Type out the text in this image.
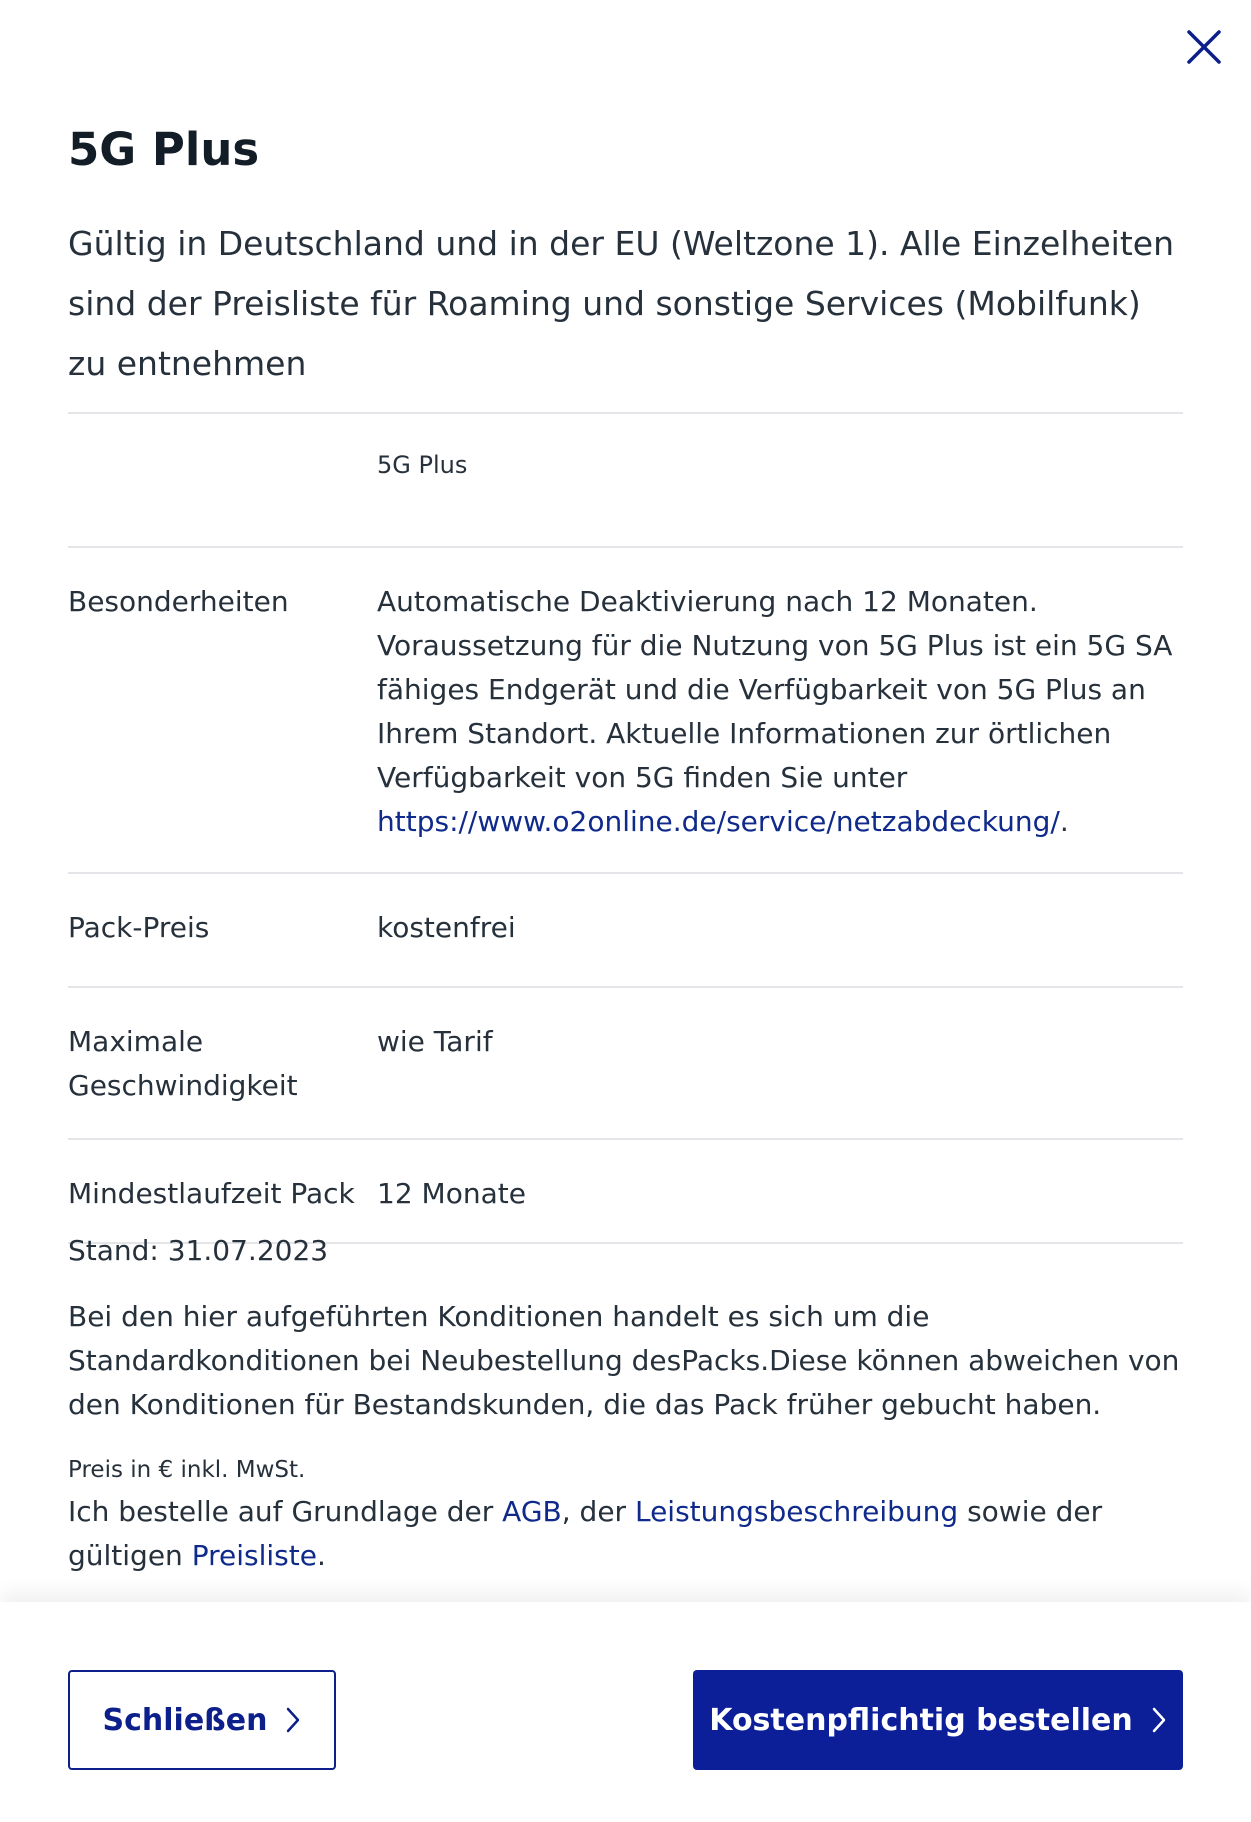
5G Plus

Gültig in Deutschland und in der EU (Weltzone 1). Alle Einzelheiten sind der Preisliste für Roaming und sonstige Services (Mobilfunk) zu entnehmen

	5G Plus
Besonderheiten	Automatische Deaktivierung nach 12 Monaten. Voraussetzung für die Nutzung von 5G Plus ist ein 5G SA fähiges Endgerät und die Verfügbarkeit von 5G Plus an Ihrem Standort. Aktuelle Informationen zur örtlichen Verfügbarkeit von 5G finden Sie unter https://www.o2online.de/service/netzabdeckung/.
Pack-Preis	kostenfrei
Maximale Geschwindigkeit	wie Tarif
Mindestlaufzeit Pack	12 Monate
Stand: 31.07.2023

Bei den hier aufgeführten Konditionen handelt es sich um die Standardkonditionen bei Neubestellung desPacks.Diese können abweichen von den Konditionen für Bestandskunden, die das Pack früher gebucht haben.

Preis in € inkl. MwSt.

Ich bestelle auf Grundlage der AGB, der Leistungsbeschreibung sowie der gültigen Preisliste.

Schließen	Kostenpflichtig bestellen
